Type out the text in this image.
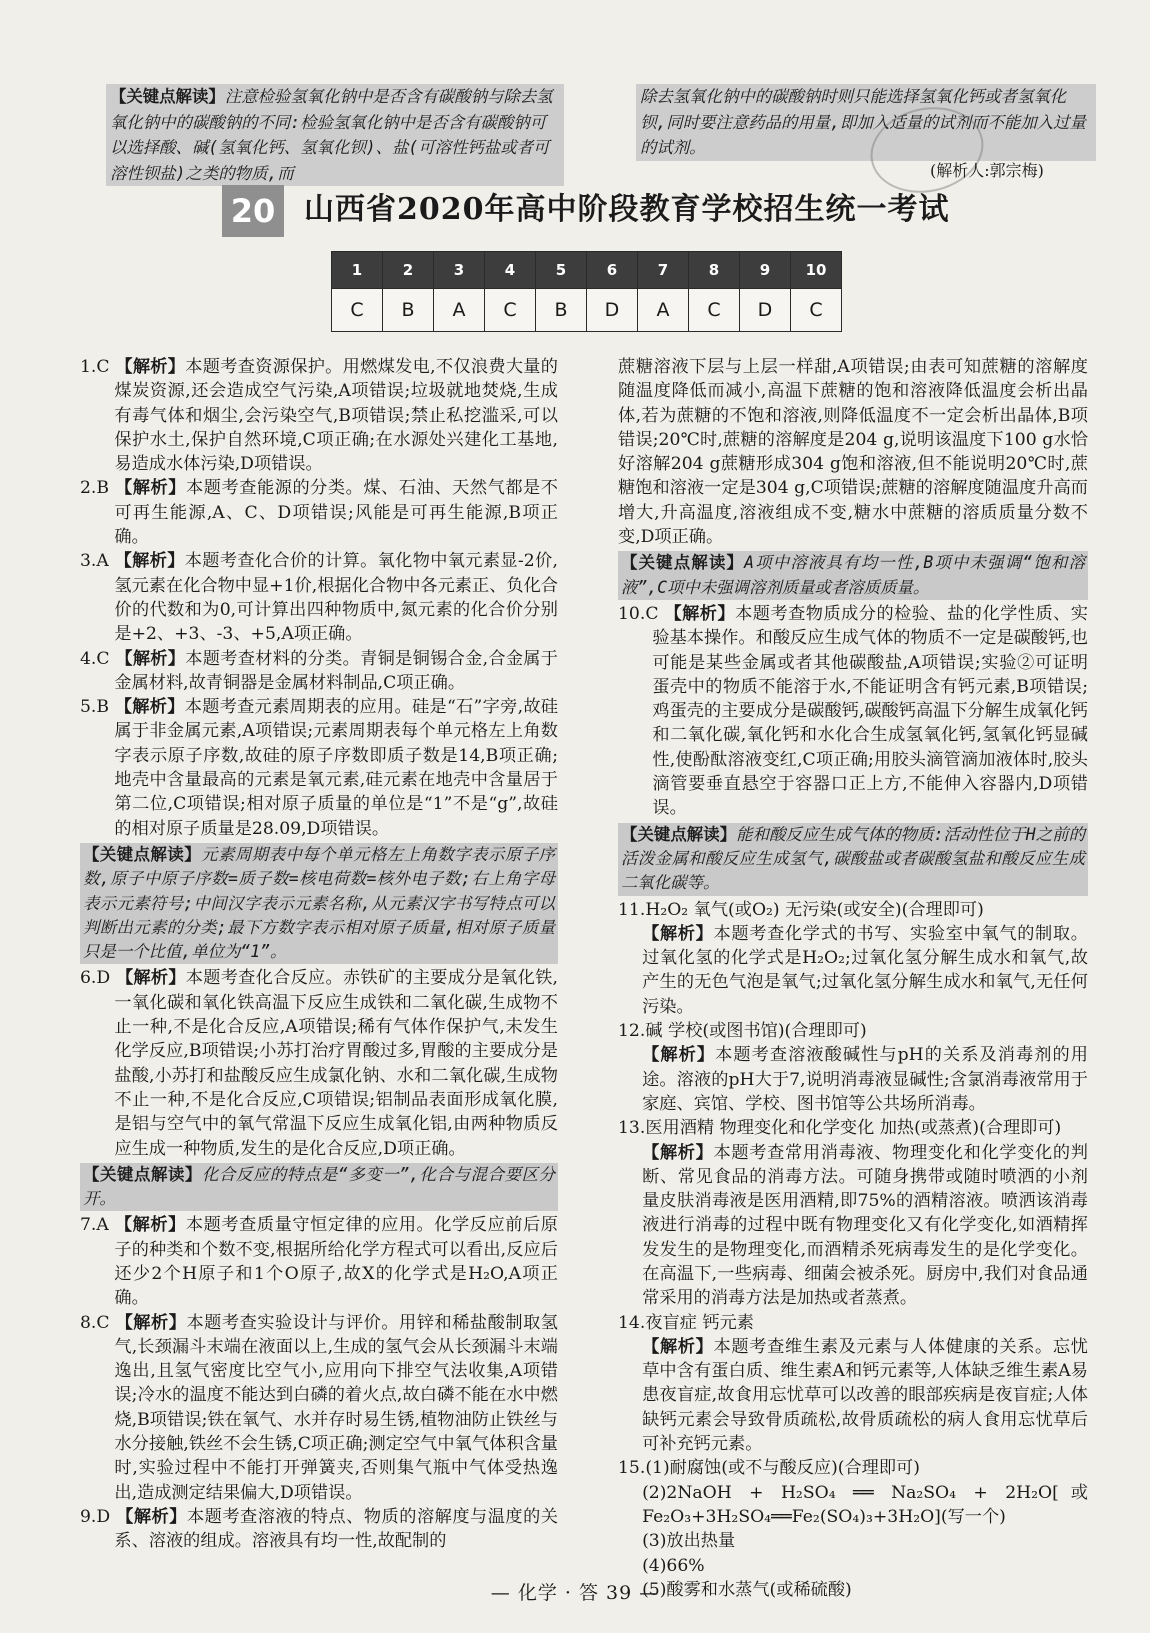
【关键点解读】注意检验氢氧化钠中是否含有碳酸钠与除去氢氧化钠中的碳酸钠的不同:检验氢氧化钠中是否含有碳酸钠可以选择酸、碱(氢氧化钙、氢氧化钡)、盐(可溶性钙盐或者可溶性钡盐)之类的物质,而
除去氢氧化钠中的碳酸钠时则只能选择氢氧化钙或者氢氧化钡,同时要注意药品的用量,即加入适量的试剂而不能加入过量的试剂。
(解析人:郭宗梅)
20 山西省2020年高中阶段教育学校招生统一考试
1	2	3	4	5	6	7	8	9	10
C	B	A	C	B	D	A	C	D	C

1.C 【解析】本题考查资源保护。用燃煤发电,不仅浪费大量的煤炭资源,还会造成空气污染,A项错误;垃圾就地焚烧,生成有毒气体和烟尘,会污染空气,B项错误;禁止私挖滥采,可以保护水土,保护自然环境,C项正确;在水源处兴建化工基地,易造成水体污染,D项错误。

2.B 【解析】本题考查能源的分类。煤、石油、天然气都是不可再生能源,A、C、D项错误;风能是可再生能源,B项正确。

3.A 【解析】本题考查化合价的计算。氧化物中氧元素显-2价,氢元素在化合物中显+1价,根据化合物中各元素正、负化合价的代数和为0,可计算出四种物质中,氮元素的化合价分别是+2、+3、-3、+5,A项正确。

4.C 【解析】本题考查材料的分类。青铜是铜锡合金,合金属于金属材料,故青铜器是金属材料制品,C项正确。

5.B 【解析】本题考查元素周期表的应用。硅是“石”字旁,故硅属于非金属元素,A项错误;元素周期表每个单元格左上角数字表示原子序数,故硅的原子序数即质子数是14,B项正确;地壳中含量最高的元素是氧元素,硅元素在地壳中含量居于第二位,C项错误;相对原子质量的单位是“1”不是“g”,故硅的相对原子质量是28.09,D项错误。

【关键点解读】元素周期表中每个单元格左上角数字表示原子序数,原子中原子序数=质子数=核电荷数=核外电子数;右上角字母表示元素符号;中间汉字表示元素名称,从元素汉字书写特点可以判断出元素的分类;最下方数字表示相对原子质量,相对原子质量只是一个比值,单位为“1”。

6.D 【解析】本题考查化合反应。赤铁矿的主要成分是氧化铁,一氧化碳和氧化铁高温下反应生成铁和二氧化碳,生成物不止一种,不是化合反应,A项错误;稀有气体作保护气,未发生化学反应,B项错误;小苏打治疗胃酸过多,胃酸的主要成分是盐酸,小苏打和盐酸反应生成氯化钠、水和二氧化碳,生成物不止一种,不是化合反应,C项错误;铝制品表面形成氧化膜,是铝与空气中的氧气常温下反应生成氧化铝,由两种物质反应生成一种物质,发生的是化合反应,D项正确。

【关键点解读】化合反应的特点是“多变一”,化合与混合要区分开。

7.A 【解析】本题考查质量守恒定律的应用。化学反应前后原子的种类和个数不变,根据所给化学方程式可以看出,反应后还少2个H原子和1个O原子,故X的化学式是H₂O,A项正确。

8.C 【解析】本题考查实验设计与评价。用锌和稀盐酸制取氢气,长颈漏斗末端在液面以上,生成的氢气会从长颈漏斗末端逸出,且氢气密度比空气小,应用向下排空气法收集,A项错误;冷水的温度不能达到白磷的着火点,故白磷不能在水中燃烧,B项错误;铁在氧气、水并存时易生锈,植物油防止铁丝与水分接触,铁丝不会生锈,C项正确;测定空气中氧气体积含量时,实验过程中不能打开弹簧夹,否则集气瓶中气体受热逸出,造成测定结果偏大,D项错误。

9.D 【解析】本题考查溶液的特点、物质的溶解度与温度的关系、溶液的组成。溶液具有均一性,故配制的

蔗糖溶液下层与上层一样甜,A项错误;由表可知蔗糖的溶解度随温度降低而减小,高温下蔗糖的饱和溶液降低温度会析出晶体,若为蔗糖的不饱和溶液,则降低温度不一定会析出晶体,B项错误;20℃时,蔗糖的溶解度是204 g,说明该温度下100 g水恰好溶解204 g蔗糖形成304 g饱和溶液,但不能说明20℃时,蔗糖饱和溶液一定是304 g,C项错误;蔗糖的溶解度随温度升高而增大,升高温度,溶液组成不变,糖水中蔗糖的溶质质量分数不变,D项正确。

【关键点解读】A项中溶液具有均一性,B项中未强调“饱和溶液”,C项中未强调溶剂质量或者溶质质量。

10.C 【解析】本题考查物质成分的检验、盐的化学性质、实验基本操作。和酸反应生成气体的物质不一定是碳酸钙,也可能是某些金属或者其他碳酸盐,A项错误;实验②可证明蛋壳中的物质不能溶于水,不能证明含有钙元素,B项错误;鸡蛋壳的主要成分是碳酸钙,碳酸钙高温下分解生成氧化钙和二氧化碳,氧化钙和水化合生成氢氧化钙,氢氧化钙显碱性,使酚酞溶液变红,C项正确;用胶头滴管滴加液体时,胶头滴管要垂直悬空于容器口正上方,不能伸入容器内,D项错误。

【关键点解读】能和酸反应生成气体的物质:活动性位于H之前的活泼金属和酸反应生成氢气,碳酸盐或者碳酸氢盐和酸反应生成二氧化碳等。

11.H₂O₂ 氧气(或O₂) 无污染(或安全)(合理即可)

【解析】本题考查化学式的书写、实验室中氧气的制取。过氧化氢的化学式是H₂O₂;过氧化氢分解生成水和氧气,故产生的无色气泡是氧气;过氧化氢分解生成水和氧气,无任何污染。

12.碱 学校(或图书馆)(合理即可)

【解析】本题考查溶液酸碱性与pH的关系及消毒剂的用途。溶液的pH大于7,说明消毒液显碱性;含氯消毒液常用于家庭、宾馆、学校、图书馆等公共场所消毒。

13.医用酒精 物理变化和化学变化 加热(或蒸煮)(合理即可)

【解析】本题考查常用消毒液、物理变化和化学变化的判断、常见食品的消毒方法。可随身携带或随时喷洒的小剂量皮肤消毒液是医用酒精,即75%的酒精溶液。喷洒该消毒液进行消毒的过程中既有物理变化又有化学变化,如酒精挥发发生的是物理变化,而酒精杀死病毒发生的是化学变化。在高温下,一些病毒、细菌会被杀死。厨房中,我们对食品通常采用的消毒方法是加热或者蒸煮。

14.夜盲症 钙元素

【解析】本题考查维生素及元素与人体健康的关系。忘忧草中含有蛋白质、维生素A和钙元素等,人体缺乏维生素A易患夜盲症,故食用忘忧草可以改善的眼部疾病是夜盲症;人体缺钙元素会导致骨质疏松,故骨质疏松的病人食用忘忧草后可补充钙元素。

15.(1)耐腐蚀(或不与酸反应)(合理即可)

(2)2NaOH + H₂SO₄ ══ Na₂SO₄ + 2H₂O[或Fe₂O₃+3H₂SO₄══Fe₂(SO₄)₃+3H₂O](写一个)

(3)放出热量

(4)66%

(5)酸雾和水蒸气(或稀硫酸)

— 化学 · 答 39 —
